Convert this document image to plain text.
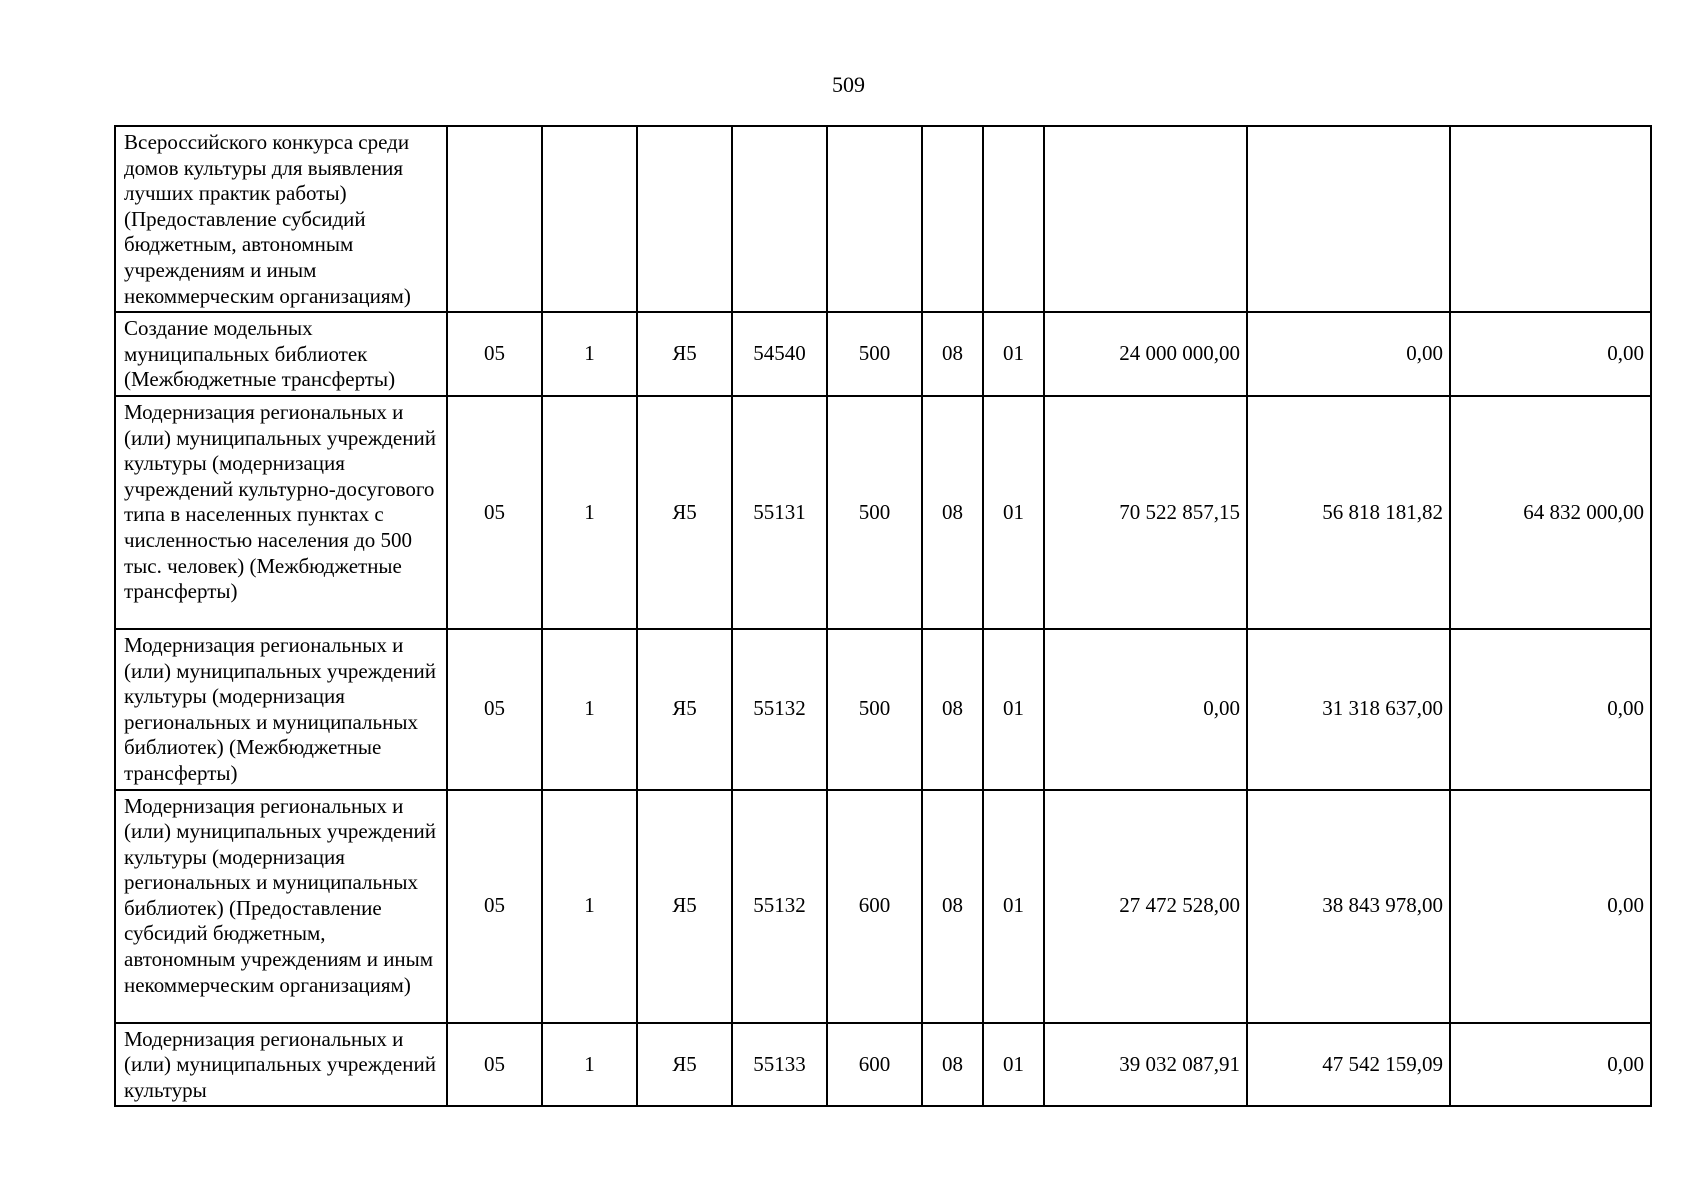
509
Всероссийского конкурса среди домов культуры для выявления лучших практик работы) (Предоставление субсидий бюджетным, автономным учреждениям и иным некоммерческим организациям)										
Создание модельных муниципальных библиотек (Межбюджетные трансферты)	05	1	Я5	54540	500	08	01	24 000 000,00	0,00	0,00
Модернизация региональных и (или) муниципальных учреждений культуры (модернизация учреждений культурно-досугового типа в населенных пунктах с численностью населения до 500 тыс. человек) (Межбюджетные трансферты)	05	1	Я5	55131	500	08	01	70 522 857,15	56 818 181,82	64 832 000,00
Модернизация региональных и (или) муниципальных учреждений культуры (модернизация региональных и муниципальных библиотек) (Межбюджетные трансферты)	05	1	Я5	55132	500	08	01	0,00	31 318 637,00	0,00
Модернизация региональных и (или) муниципальных учреждений культуры (модернизация региональных и муниципальных библиотек) (Предоставление субсидий бюджетным, автономным учреждениям и иным некоммерческим организациям)	05	1	Я5	55132	600	08	01	27 472 528,00	38 843 978,00	0,00
Модернизация региональных и (или) муниципальных учреждений культуры	05	1	Я5	55133	600	08	01	39 032 087,91	47 542 159,09	0,00
